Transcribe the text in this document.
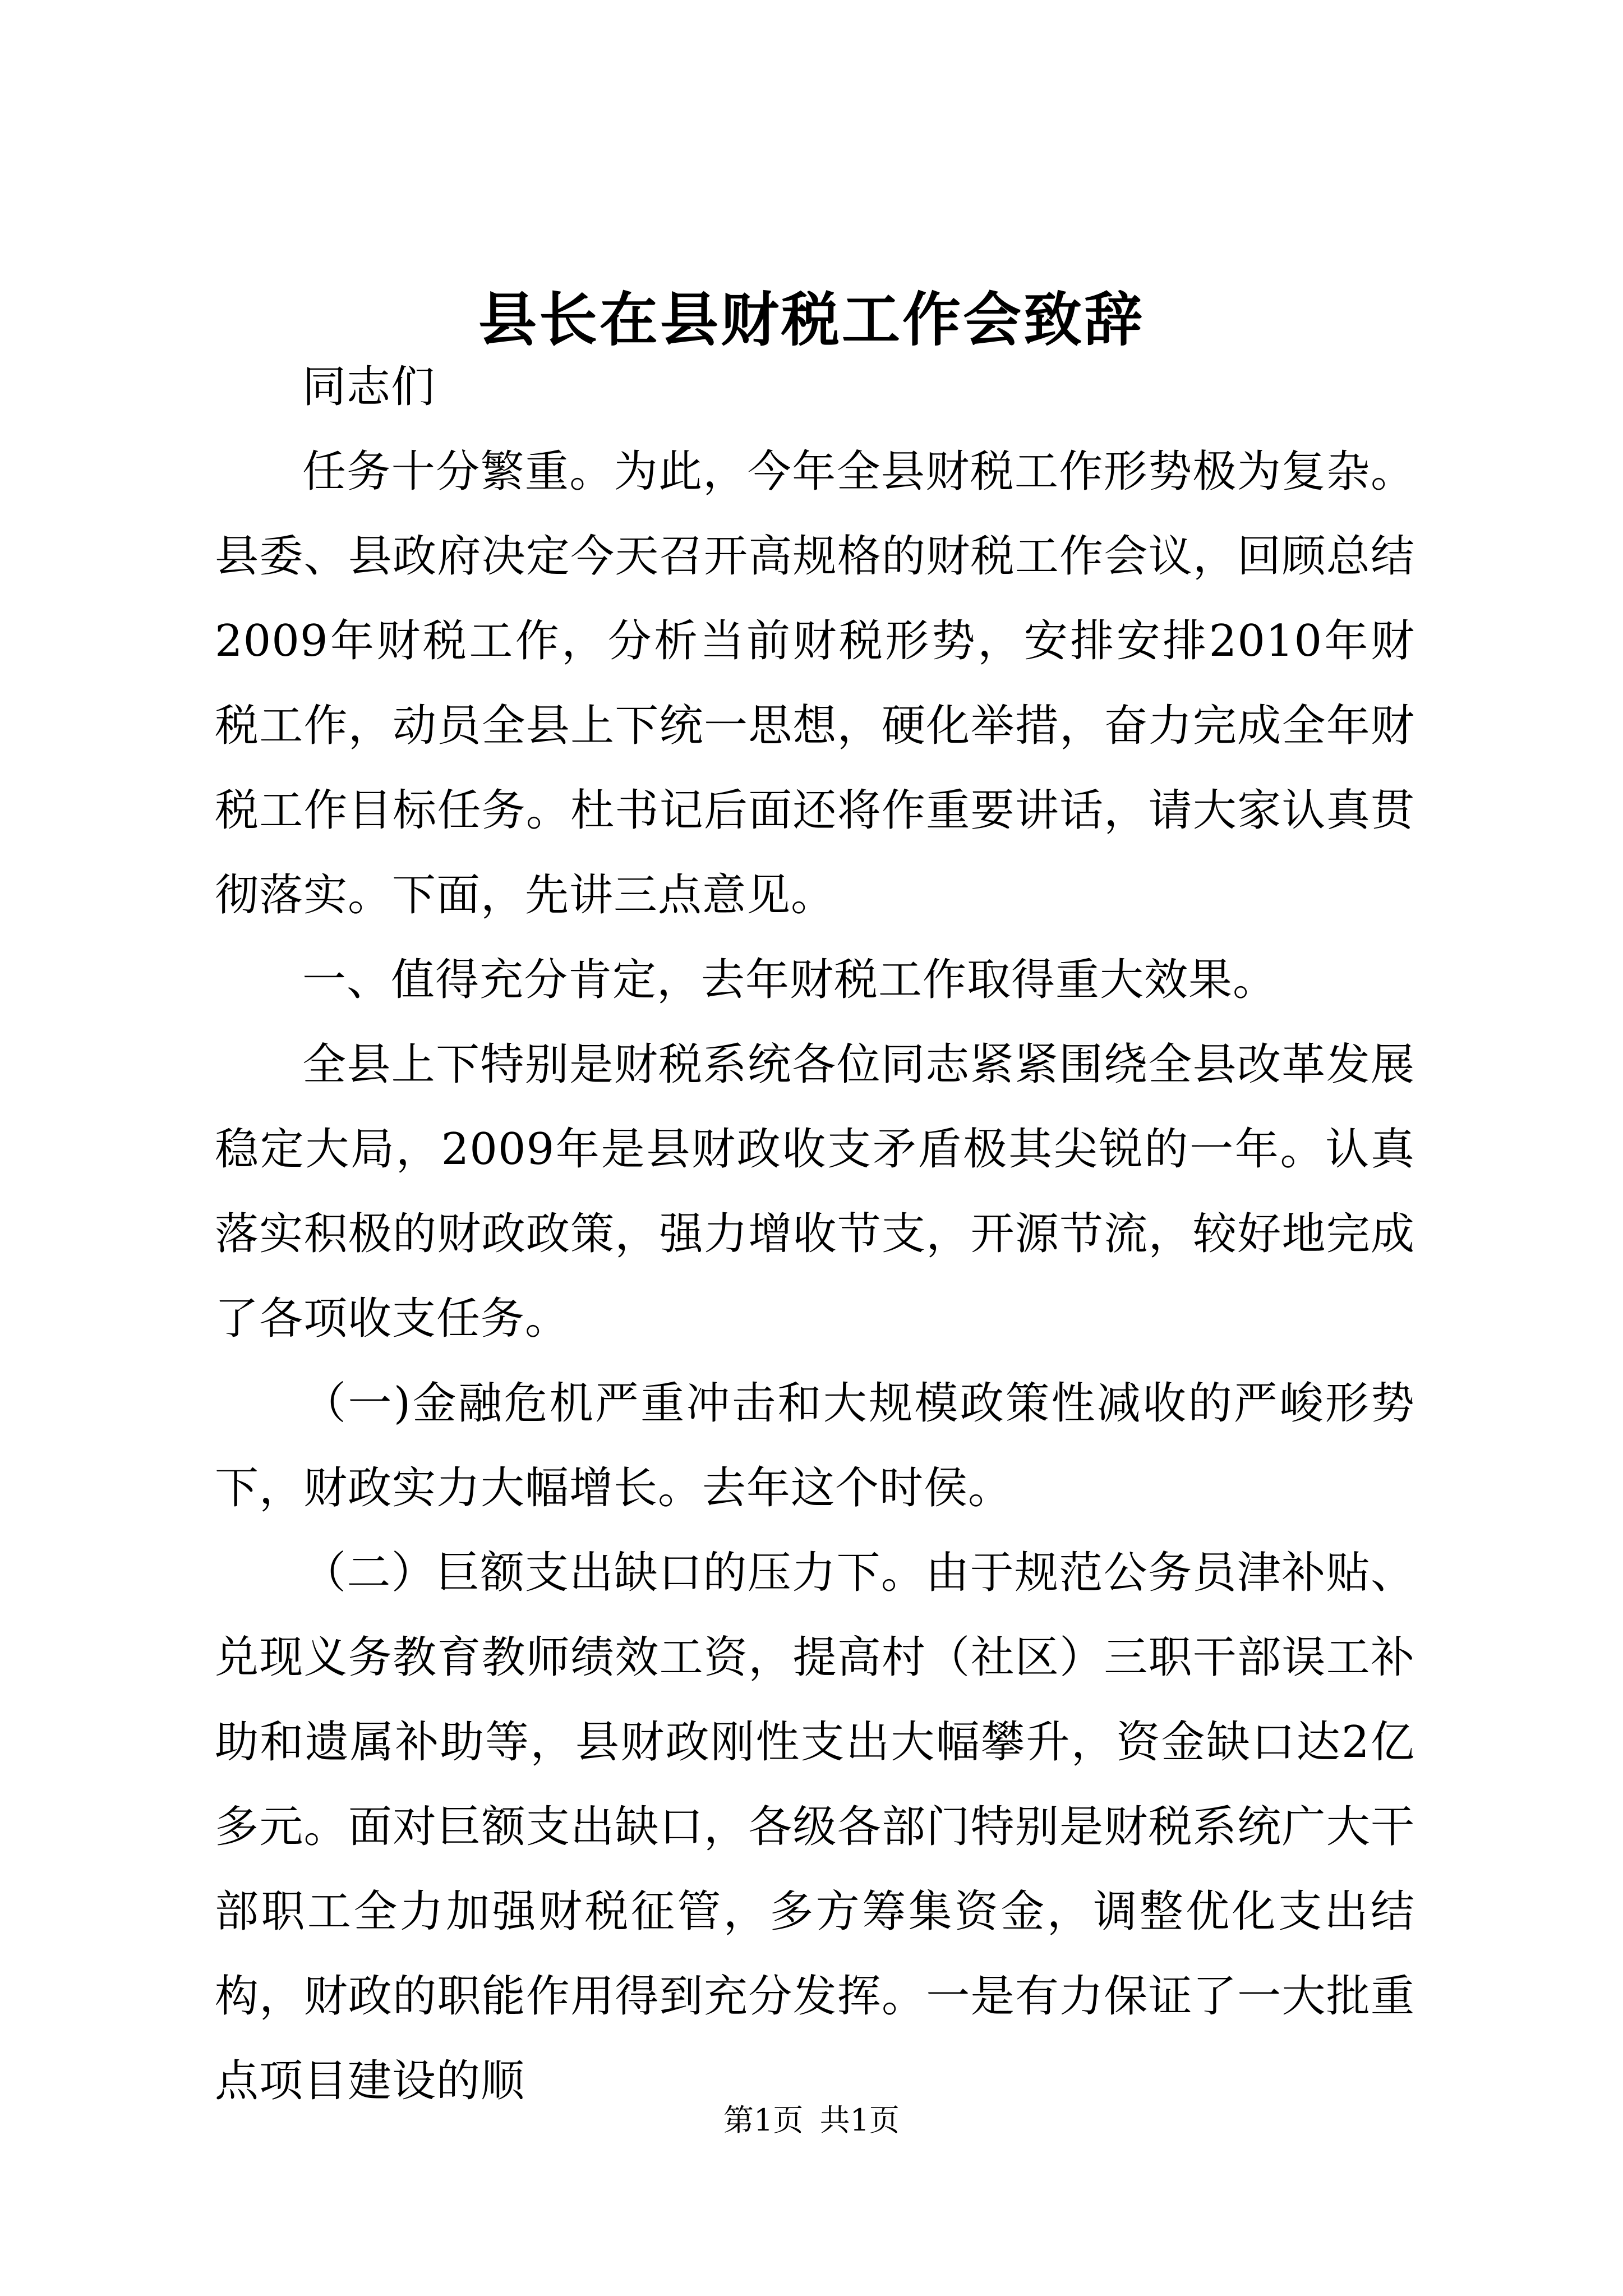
县长在县财税工作会致辞

同志们

任务十分繁重。为此，今年全县财税工作形势极为复杂。县委、县政府决定今天召开高规格的财税工作会议，回顾总结2009年财税工作，分析当前财税形势，安排安排2010年财税工作，动员全县上下统一思想，硬化举措，奋力完成全年财税工作目标任务。杜书记后面还将作重要讲话，请大家认真贯彻落实。下面，先讲三点意见。

一、值得充分肯定，去年财税工作取得重大效果。

全县上下特别是财税系统各位同志紧紧围绕全县改革发展稳定大局，2009年是县财政收支矛盾极其尖锐的一年。认真落实积极的财政政策，强力增收节支，开源节流，较好地完成了各项收支任务。

（一)金融危机严重冲击和大规模政策性减收的严峻形势下，财政实力大幅增长。去年这个时侯。

（二）巨额支出缺口的压力下。由于规范公务员津补贴、兑现义务教育教师绩效工资，提高村（社区）三职干部误工补助和遗属补助等，县财政刚性支出大幅攀升，资金缺口达2亿多元。面对巨额支出缺口，各级各部门特别是财税系统广大干部职工全力加强财税征管，多方筹集资金，调整优化支出结构，财政的职能作用得到充分发挥。一是有力保证了一大批重点项目建设的顺

第1页 共1页
